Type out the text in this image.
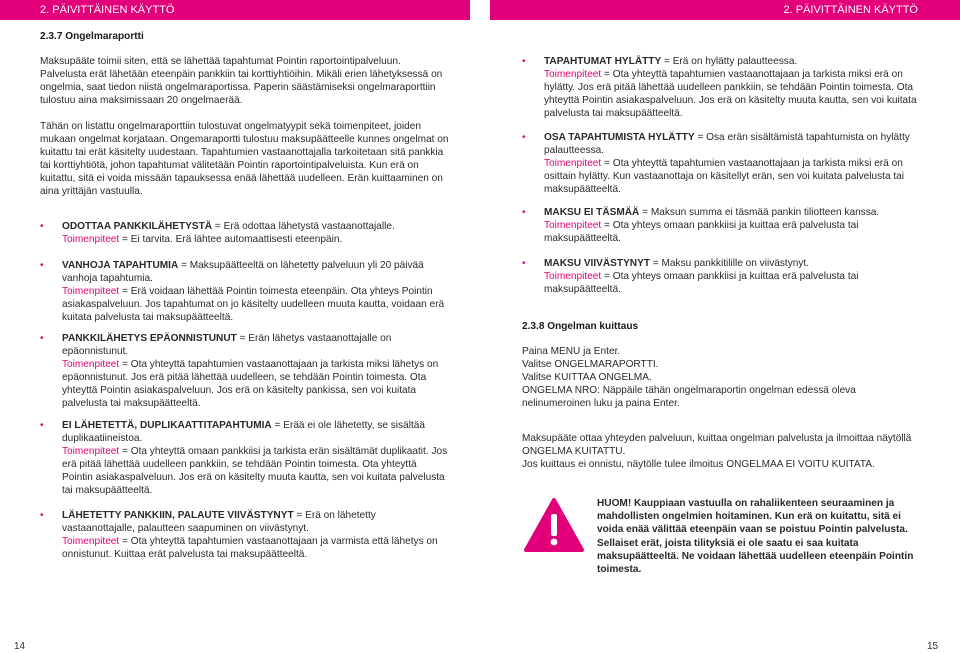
2. PÄIVITTÄINEN KÄYTTÖ	2. PÄIVITTÄINEN KÄYTTÖ

2.3.7 Ongelmaraportti

Maksupääte toimii siten, että se lähettää tapahtumat Pointin raportointipalveluun. Palvelusta erät lähetään eteenpäin pankkiin tai korttiyhtiöihin. Mikäli erien lähetyksessä on ongelmia, saat tiedon niistä ongelmaraportissa. Paperin säästämiseksi ongelmaraporttiin tulostuu aina maksimissaan 20 ongelmaerää.

Tähän on listattu ongelmaraporttiin tulostuvat ongelmatyypit sekä toimenpiteet, joiden mukaan ongelmat korjataan. Ongemaraportti tulostuu maksupäätteelle kunnes ongelmat on kuitattu tai erät käsitelty uudestaan. Tapahtumien vastaanottajalla tarkoitetaan sitä pankkia tai korttiyhtiötä, johon tapahtumat välitetään Pointin raportointipalveluista. Kun erä on kuitattu, sitä ei voida missään tapauksessa enää lähettää uudelleen. Erän kuittaaminen on aina yrittäjän vastuulla.

• ODOTTAA PANKKILÄHETYSTÄ = Erä odottaa lähetystä vastaanottajalle.
Toimenpiteet = Ei tarvita. Erä lähtee automaattisesti eteenpäin.
• VANHOJA TAPAHTUMIA = Maksupäätteeltä on lähetetty palveluun yli 20 päivää vanhoja tapahtumia.
Toimenpiteet = Erä voidaan lähettää Pointin toimesta eteenpäin. Ota yhteys Pointin asiakaspalveluun. Jos tapahtumat on jo käsitelty uudelleen muuta kautta, voidaan erä kuitata palvelusta tai maksupäätteeltä.
• PANKKILÄHETYS EPÄONNISTUNUT = Erän lähetys vastaanottajalle on epäonnistunut.
Toimenpiteet = Ota yhteyttä tapahtumien vastaanottajaan ja tarkista miksi lähetys on epäonnistunut. Jos erä pitää lähettää uudelleen, se tehdään Pointin toimesta. Ota yhteyttä Pointin asiakaspalveluun. Jos erä on käsitelty pankissa, sen voi kuitata palvelusta tai maksupäätteeltä.
• EI LÄHETETTÄ, DUPLIKAATTITAPAHTUMIA = Erää ei ole lähetetty, se sisältää duplikaatiineistoa.
Toimenpiteet = Ota yhteyttä omaan pankkiisi ja tarkista erän sisältämät duplikaatit. Jos erä pitää lähettää uudelleen pankkiin, se tehdään Pointin toimesta. Ota yhteyttä Pointin asiakaspalveluun. Jos erä on käsitelty muuta kautta, sen voi kuitata palvelusta tai maksupäätteeltä.
• LÄHETETTY PANKKIIN, PALAUTE VIIVÄSTYNYT = Erä on lähetetty vastaanottajalle, palautteen saapuminen on viivästynyt.
Toimenpiteet = Ota yhteyttä tapahtumien vastaanottajaan ja varmista että lähetys on onnistunut. Kuittaa erät palvelusta tai maksupäätteeltä.
14
• TAPAHTUMAT HYLÄTTY = Erä on hylätty palautteessa.
Toimenpiteet = Ota yhteyttä tapahtumien vastaanottajaan ja tarkista miksi erä on hylätty. Jos erä pitää lähettää uudelleen pankkiin, se tehdään Pointin toimesta. Ota yhteyttä Pointin asiakaspalveluun. Jos erä on käsitelty muuta kautta, sen voi kuitata palvelusta tai maksupäätteeltä.
• OSA TAPAHTUMISTA HYLÄTTY = Osa erän sisältämistä tapahtumista on hylätty palautteessa.
Toimenpiteet = Ota yhteyttä tapahtumien vastaanottajaan ja tarkista miksi erä on osittain hylätty. Kun vastaanottaja on käsitellyt erän, sen voi kuitata palvelusta tai maksupäätteeltä.
• MAKSU EI TÄSMÄÄ = Maksun summa ei täsmää pankin tiliotteen kanssa.
Toimenpiteet = Ota yhteys omaan pankkiisi ja kuittaa erä palvelusta tai maksupäätteeltä.
• MAKSU VIIVÄSTYNYT = Maksu pankkitilille on viivästynyt.
Toimenpiteet = Ota yhteys omaan pankkiisi ja kuittaa erä palvelusta tai maksupäätteeltä.

2.3.8 Ongelman kuittaus

Paina MENU ja Enter.
Valitse ONGELMARAPORTTI.
Valitse KUITTAA ONGELMA.
ONGELMA NRO: Näppäile tähän ongelmaraportin ongelman edessä oleva nelinumeroinen luku ja paina Enter.

Maksupääte ottaa yhteyden palveluun, kuittaa ongelman palvelusta ja ilmoittaa näytöllä ONGELMA KUITATTU.
Jos kuittaus ei onnistu, näytölle tulee ilmoitus ONGELMAA EI VOITU KUITATA.

HUOM! Kauppiaan vastuulla on rahaliikenteen seuraaminen ja mahdollisten ongelmien hoitaminen. Kun erä on kuitattu, sitä ei voida enää välittää eteenpäin vaan se poistuu Pointin palvelusta. Sellaiset erät, joista tilityksiä ei ole saatu ei saa kuitata maksupäätteeltä. Ne voidaan lähettää uudelleen eteenpäin Pointin toimesta.

15
